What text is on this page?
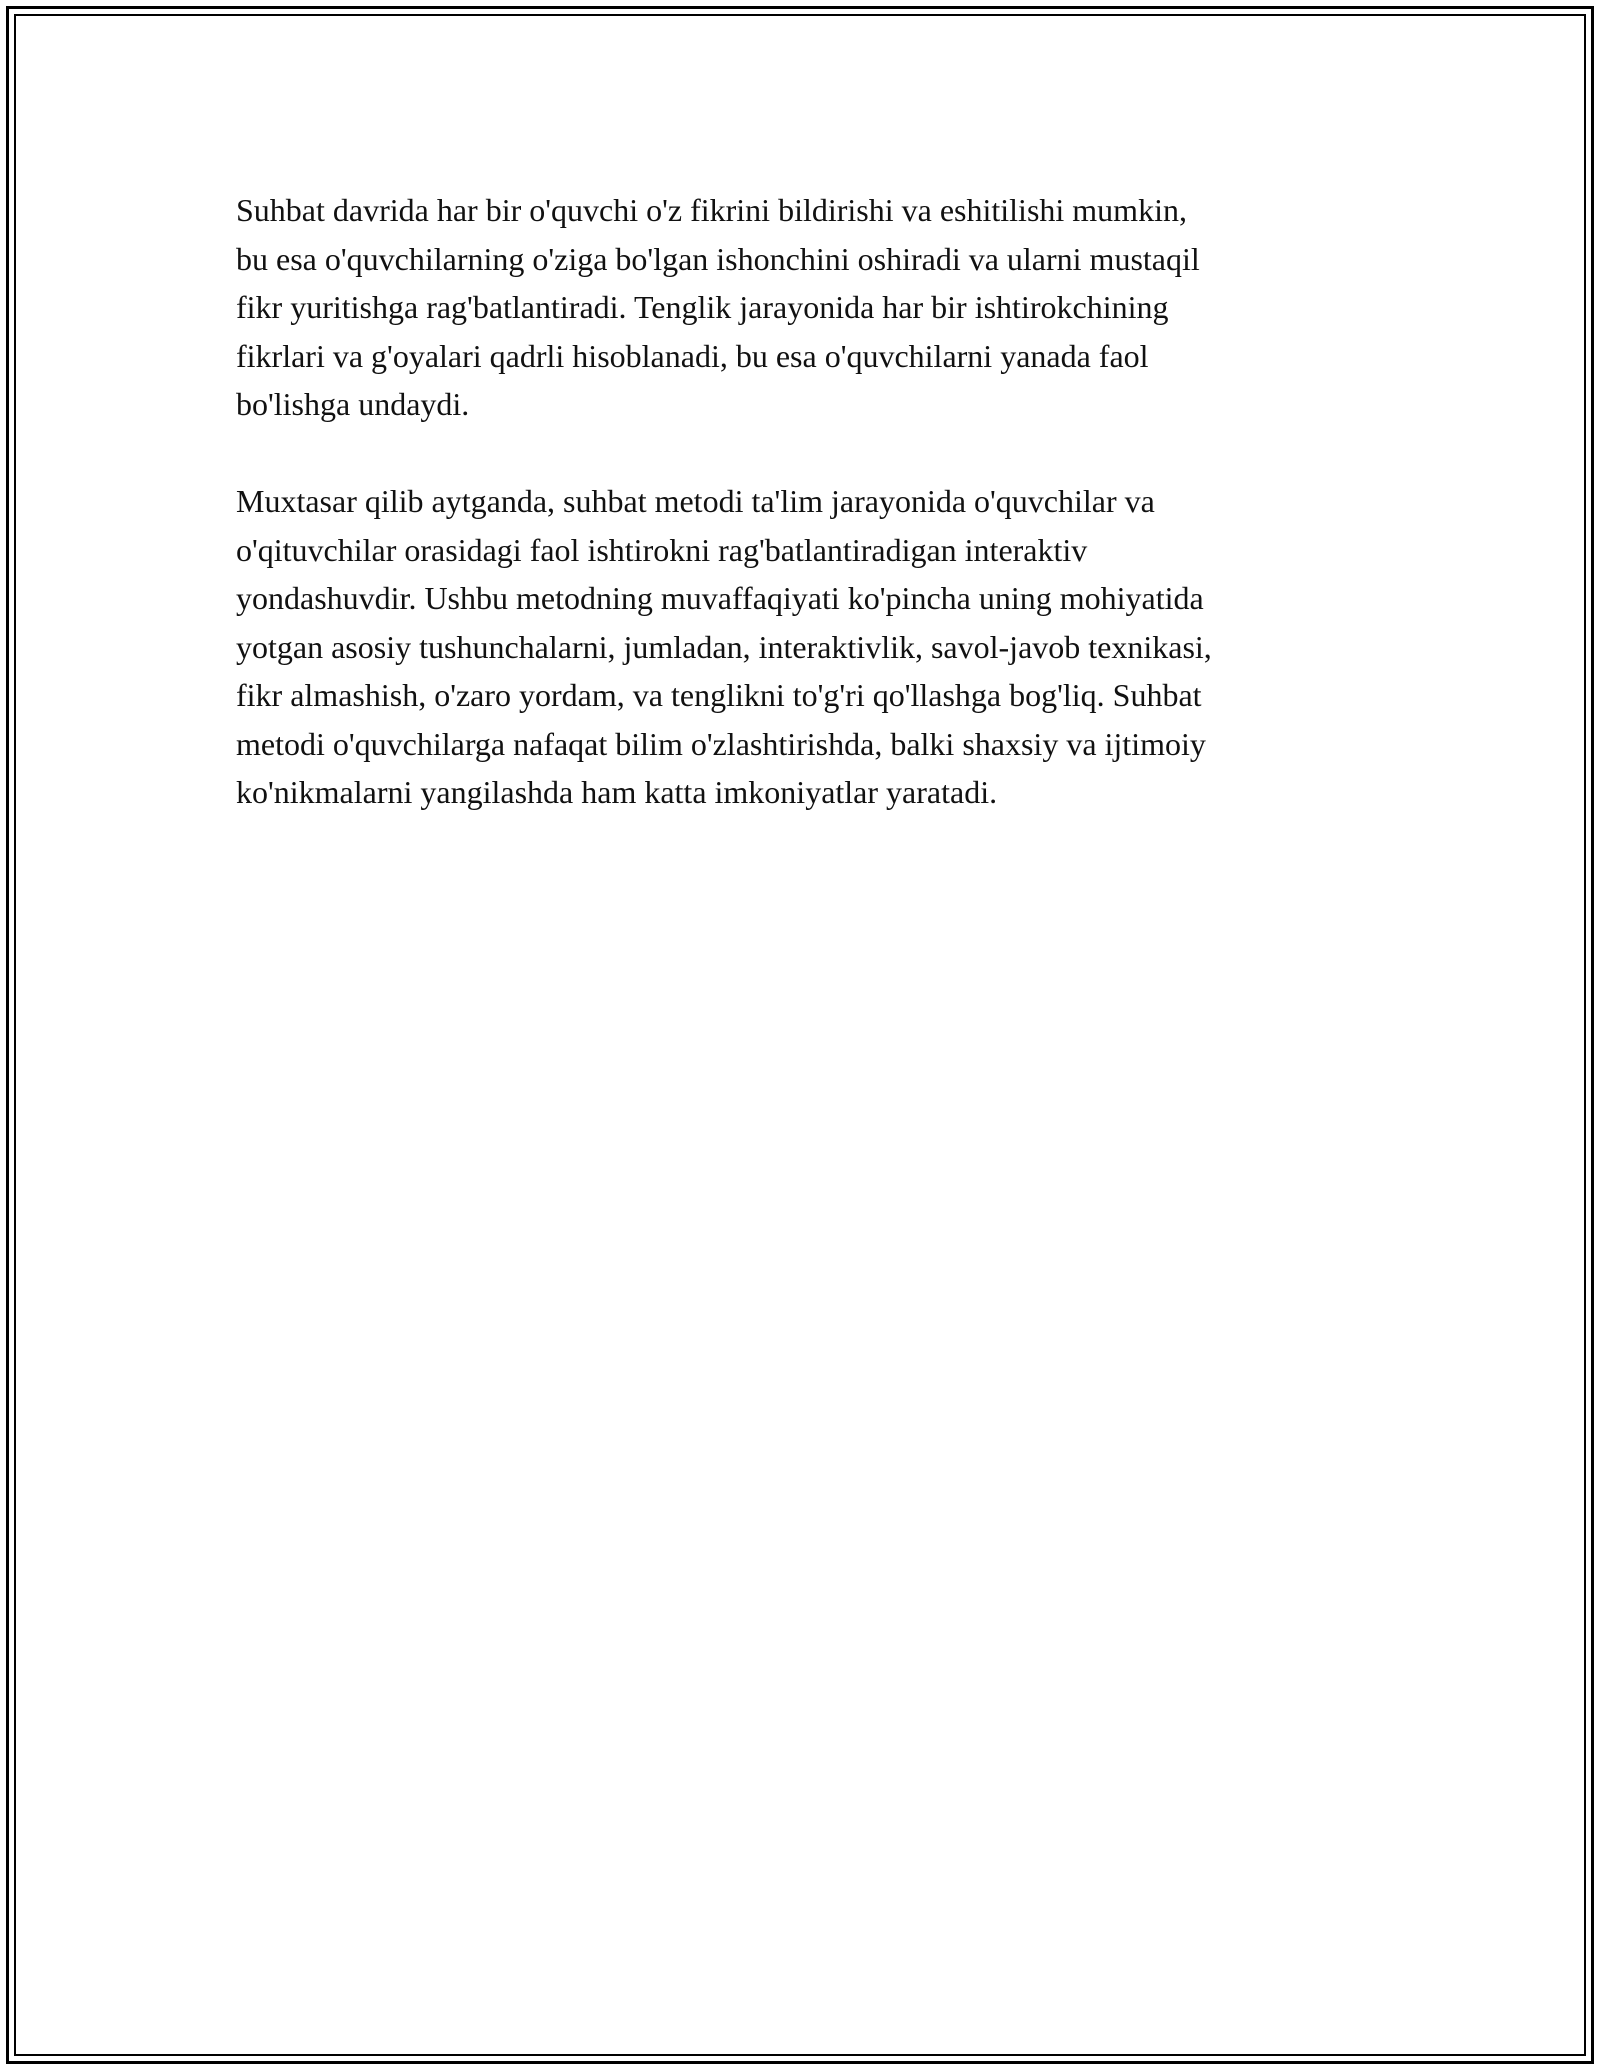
Suhbat davrida har bir o'quvchi o'z fikrini bildirishi va eshitilishi mumkin,
bu esa o'quvchilarning o'ziga bo'lgan ishonchini oshiradi va ularni mustaqil
fikr yuritishga rag'batlantiradi. Tenglik jarayonida har bir ishtirokchining
fikrlari va g'oyalari qadrli hisoblanadi, bu esa o'quvchilarni yanada faol
bo'lishga undaydi.

Muxtasar qilib aytganda, suhbat metodi ta'lim jarayonida o'quvchilar va
o'qituvchilar orasidagi faol ishtirokni rag'batlantiradigan interaktiv
yondashuvdir. Ushbu metodning muvaffaqiyati ko'pincha uning mohiyatida
yotgan asosiy tushunchalarni, jumladan, interaktivlik, savol-javob texnikasi,
fikr almashish, o'zaro yordam, va tenglikni to'g'ri qo'llashga bog'liq. Suhbat
metodi o'quvchilarga nafaqat bilim o'zlashtirishda, balki shaxsiy va ijtimoiy
ko'nikmalarni yangilashda ham katta imkoniyatlar yaratadi.
